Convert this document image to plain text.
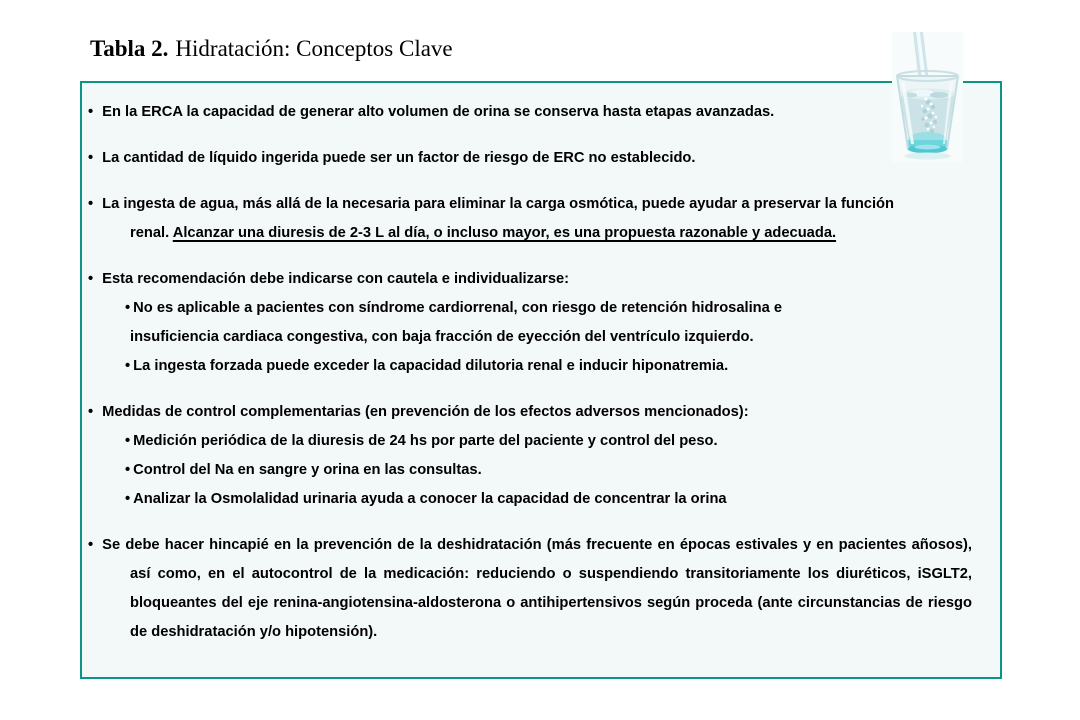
Tabla 2. Hidratación: Conceptos Clave
• En la ERCA la capacidad de generar alto volumen de orina se conserva hasta etapas avanzadas.
• La cantidad de líquido ingerida puede ser un factor de riesgo de ERC no establecido.
• La ingesta de agua, más allá de la necesaria para eliminar la carga osmótica, puede ayudar a preservar la función
renal. Alcanzar una diuresis de 2-3 L al día, o incluso mayor, es una propuesta razonable y adecuada.
• Esta recomendación debe indicarse con cautela e individualizarse:
• No es aplicable a pacientes con síndrome cardiorrenal, con riesgo de retención hidrosalina e
insuficiencia cardiaca congestiva, con baja fracción de eyección del ventrículo izquierdo.
• La ingesta forzada puede exceder la capacidad dilutoria renal e inducir hiponatremia.
• Medidas de control complementarias (en prevención de los efectos adversos mencionados):
• Medición periódica de la diuresis de 24 hs por parte del paciente y control del peso.
• Control del Na en sangre y orina en las consultas.
• Analizar la Osmolalidad urinaria ayuda a conocer la capacidad de concentrar la orina
• Se debe hacer hincapié en la prevención de la deshidratación (más frecuente en épocas estivales y en pacientes añosos), así como, en el autocontrol de la medicación: reduciendo o suspendiendo transitoriamente los diuréticos, iSGLT2, bloqueantes del eje renina-angiotensina-aldosterona o antihipertensivos según proceda (ante circunstancias de riesgo de deshidratación y/o hipotensión).
